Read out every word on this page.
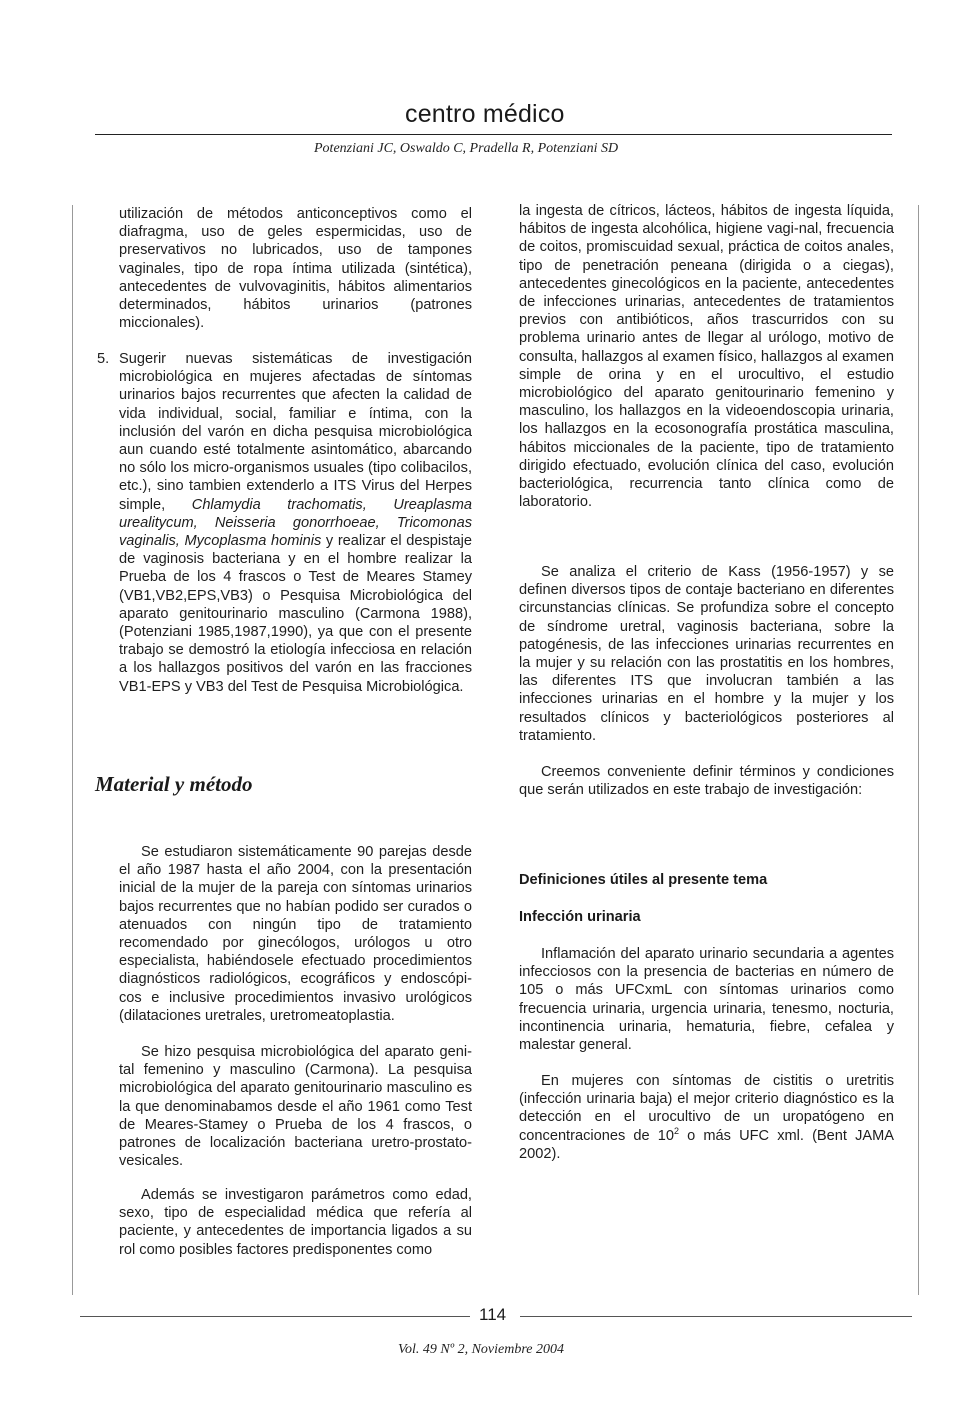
centro médico
Potenziani JC, Oswaldo C, Pradella R, Potenziani SD

utilización de métodos anticonceptivos como el diafragma, uso de geles espermicidas, uso de preservativos no lubricados, uso de tampones vaginales, tipo de ropa íntima utilizada (sintética), antecedentes de vulvovaginitis, hábitos alimentarios determinados, hábitos urinarios (patrones miccionales).

5. Sugerir nuevas sistemáticas de investigación microbiológica en mujeres afectadas de síntomas urinarios bajos recurrentes que afecten la calidad de vida individual, social, familiar e íntima, con la inclusión del varón en dicha pesquisa microbiológica aun cuando esté totalmente asintomático, abarcando no sólo los micro-organismos usuales (tipo colibacilos, etc.), sino tambien extenderlo a ITS Virus del Herpes simple, Chlamydia trachomatis, Ureaplasma urealitycum, Neisseria gonorrhoeae, Tricomonas vaginalis, Mycoplasma hominis y realizar el despistaje de vaginosis bacteriana y en el hombre realizar la Prueba de los 4 frascos o Test de Meares Stamey (VB1,VB2,EPS,VB3) o Pesquisa Microbiológica del aparato genitourinario masculino (Carmona 1988), (Potenziani 1985,1987,1990), ya que con el presente trabajo se demostró la etiología infecciosa en relación a los hallazgos positivos del varón en las fracciones VB1-EPS y VB3 del Test de Pesquisa Microbiológica.

Material y método

Se estudiaron sistemáticamente 90 parejas desde el año 1987 hasta el año 2004, con la presentación inicial de la mujer de la pareja con síntomas urinarios bajos recurrentes que no habían podido ser curados o atenuados con ningún tipo de tratamiento recomendado por ginecólogos, urólogos u otro especialista, habiéndosele efectuado procedimientos diagnósticos radiológicos, ecográficos y endoscópi-cos e inclusive procedimientos invasivo urológicos (dilataciones uretrales, uretromeatoplastia.

Se hizo pesquisa microbiológica del aparato geni-tal femenino y masculino (Carmona). La pesquisa microbiológica del aparato genitourinario masculino es la que denominabamos desde el año 1961 como Test de Meares-Stamey o Prueba de los 4 frascos, o patrones de localización bacteriana uretro-prostato-vesicales.

Además se investigaron parámetros como edad, sexo, tipo de especialidad médica que refería al paciente, y antecedentes de importancia ligados a su rol como posibles factores predisponentes como

la ingesta de cítricos, lácteos, hábitos de ingesta líquida, hábitos de ingesta alcohólica, higiene vagi-nal, frecuencia de coitos, promiscuidad sexual, práctica de coitos anales, tipo de penetración peneana (dirigida o a ciegas), antecedentes ginecológicos en la paciente, antecedentes de infecciones urinarias, antecedentes de tratamientos previos con antibióticos, años trascurridos con su problema urinario antes de llegar al urólogo, motivo de consulta, hallazgos al examen físico, hallazgos al examen simple de orina y en el urocultivo, el estudio microbiológico del aparato genitourinario femenino y masculino, los hallazgos en la videoendoscopia urinaria, los hallazgos en la ecosonografía prostática masculina, hábitos miccionales de la paciente, tipo de tratamiento dirigido efectuado, evolución clínica del caso, evolución bacteriológica, recurrencia tanto clínica como de laboratorio.

Se analiza el criterio de Kass (1956-1957) y se definen diversos tipos de contaje bacteriano en diferentes circunstancias clínicas. Se profundiza sobre el concepto de síndrome uretral, vaginosis bacteriana, sobre la patogénesis, de las infecciones urinarias recurrentes en la mujer y su relación con las prostatitis en los hombres, las diferentes ITS que involucran también a las infecciones urinarias en el hombre y la mujer y los resultados clínicos y bacteriológicos posteriores al tratamiento.

Creemos conveniente definir términos y condiciones que serán utilizados en este trabajo de investigación:

Definiciones útiles al presente tema
Infección urinaria

Inflamación del aparato urinario secundaria a agentes infecciosos con la presencia de bacterias en número de 105 o más UFCxmL con síntomas urinarios como frecuencia urinaria, urgencia urinaria, tenesmo, nocturia, incontinencia urinaria, hematuria, fiebre, cefalea y malestar general.

En mujeres con síntomas de cistitis o uretritis (infección urinaria baja) el mejor criterio diagnóstico es la detección en el urocultivo de un uropatógeno en concentraciones de $10^2$ o más UFC xml. (Bent JAMA 2002).

114
Vol. 49 Nº 2, Noviembre 2004
